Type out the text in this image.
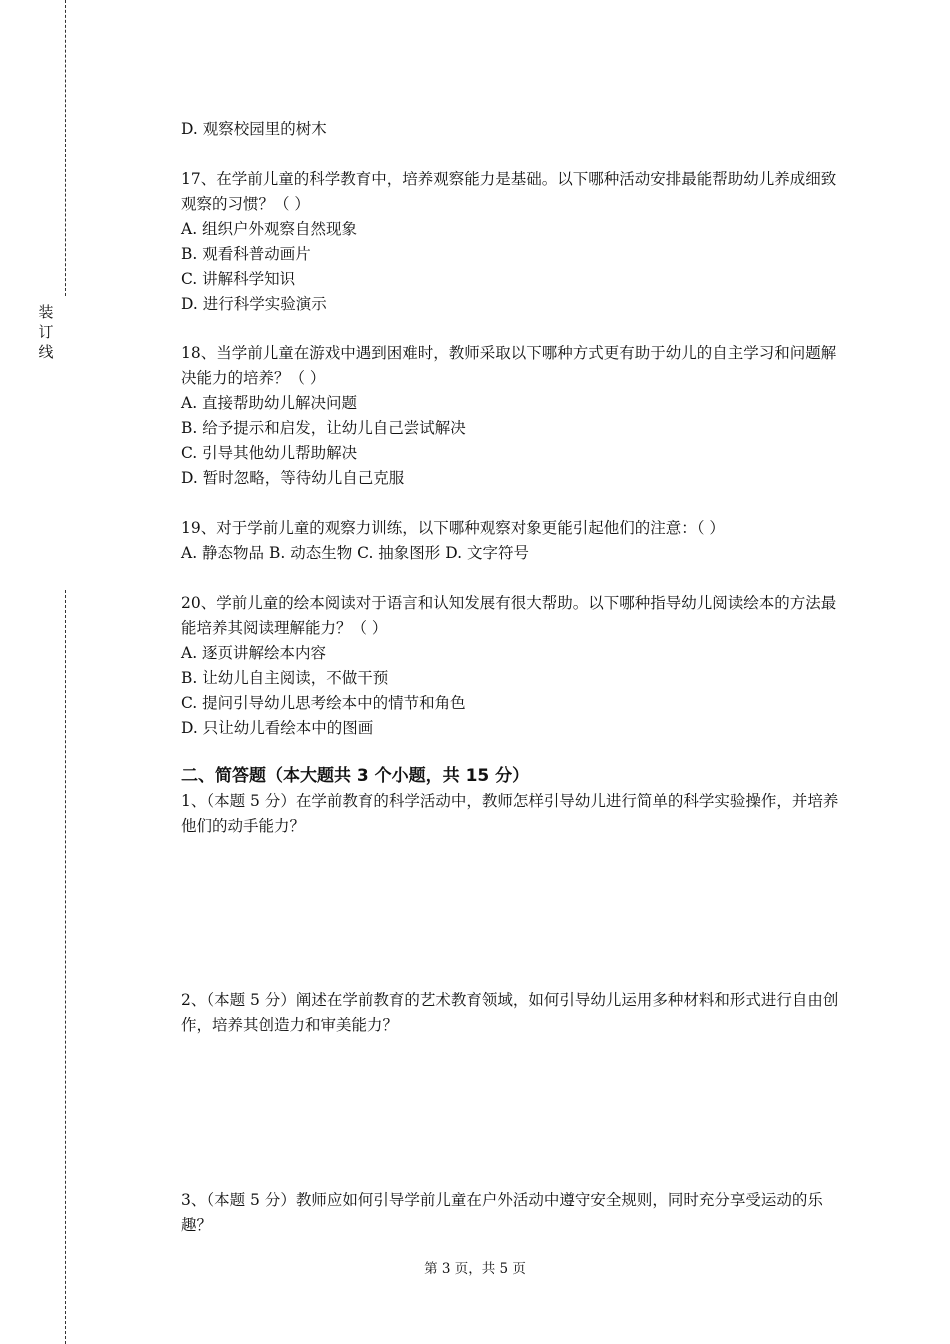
装订线
D. 观察校园里的树木
17、在学前儿童的科学教育中，培养观察能力是基础。以下哪种活动安排最能帮助幼儿养成细致观察的习惯？（ ）
A. 组织户外观察自然现象
B. 观看科普动画片
C. 讲解科学知识
D. 进行科学实验演示
18、当学前儿童在游戏中遇到困难时，教师采取以下哪种方式更有助于幼儿的自主学习和问题解决能力的培养？（ ）
A. 直接帮助幼儿解决问题
B. 给予提示和启发，让幼儿自己尝试解决
C. 引导其他幼儿帮助解决
D. 暂时忽略，等待幼儿自己克服
19、对于学前儿童的观察力训练，以下哪种观察对象更能引起他们的注意：（ ）
A. 静态物品 B. 动态生物 C. 抽象图形 D. 文字符号
20、学前儿童的绘本阅读对于语言和认知发展有很大帮助。以下哪种指导幼儿阅读绘本的方法最能培养其阅读理解能力？（ ）
A. 逐页讲解绘本内容
B. 让幼儿自主阅读，不做干预
C. 提问引导幼儿思考绘本中的情节和角色
D. 只让幼儿看绘本中的图画
二、简答题（本大题共 3 个小题，共 15 分）
1、（本题 5 分）在学前教育的科学活动中，教师怎样引导幼儿进行简单的科学实验操作，并培养他们的动手能力？
2、（本题 5 分）阐述在学前教育的艺术教育领域，如何引导幼儿运用多种材料和形式进行自由创作，培养其创造力和审美能力？
3、（本题 5 分）教师应如何引导学前儿童在户外活动中遵守安全规则，同时充分享受运动的乐趣？
第 3 页，共 5 页
